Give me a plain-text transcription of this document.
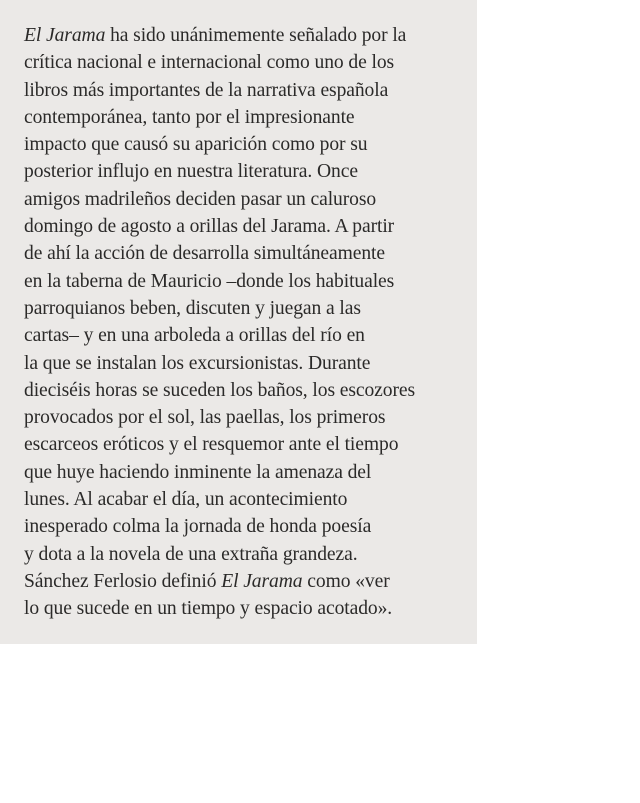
El Jarama ha sido unánimemente señalado por la
crítica nacional e internacional como uno de los
libros más importantes de la narrativa española
contemporánea, tanto por el impresionante
impacto que causó su aparición como por su
posterior influjo en nuestra literatura. Once
amigos madrileños deciden pasar un caluroso
domingo de agosto a orillas del Jarama. A partir
de ahí la acción de desarrolla simultáneamente
en la taberna de Mauricio –donde los habituales
parroquianos beben, discuten y juegan a las
cartas– y en una arboleda a orillas del río en
la que se instalan los excursionistas. Durante
dieciséis horas se suceden los baños, los escozores
provocados por el sol, las paellas, los primeros
escarceos eróticos y el resquemor ante el tiempo
que huye haciendo inminente la amenaza del
lunes. Al acabar el día, un acontecimiento
inesperado colma la jornada de honda poesía
y dota a la novela de una extraña grandeza.
Sánchez Ferlosio definió El Jarama como «ver
lo que sucede en un tiempo y espacio acotado».
